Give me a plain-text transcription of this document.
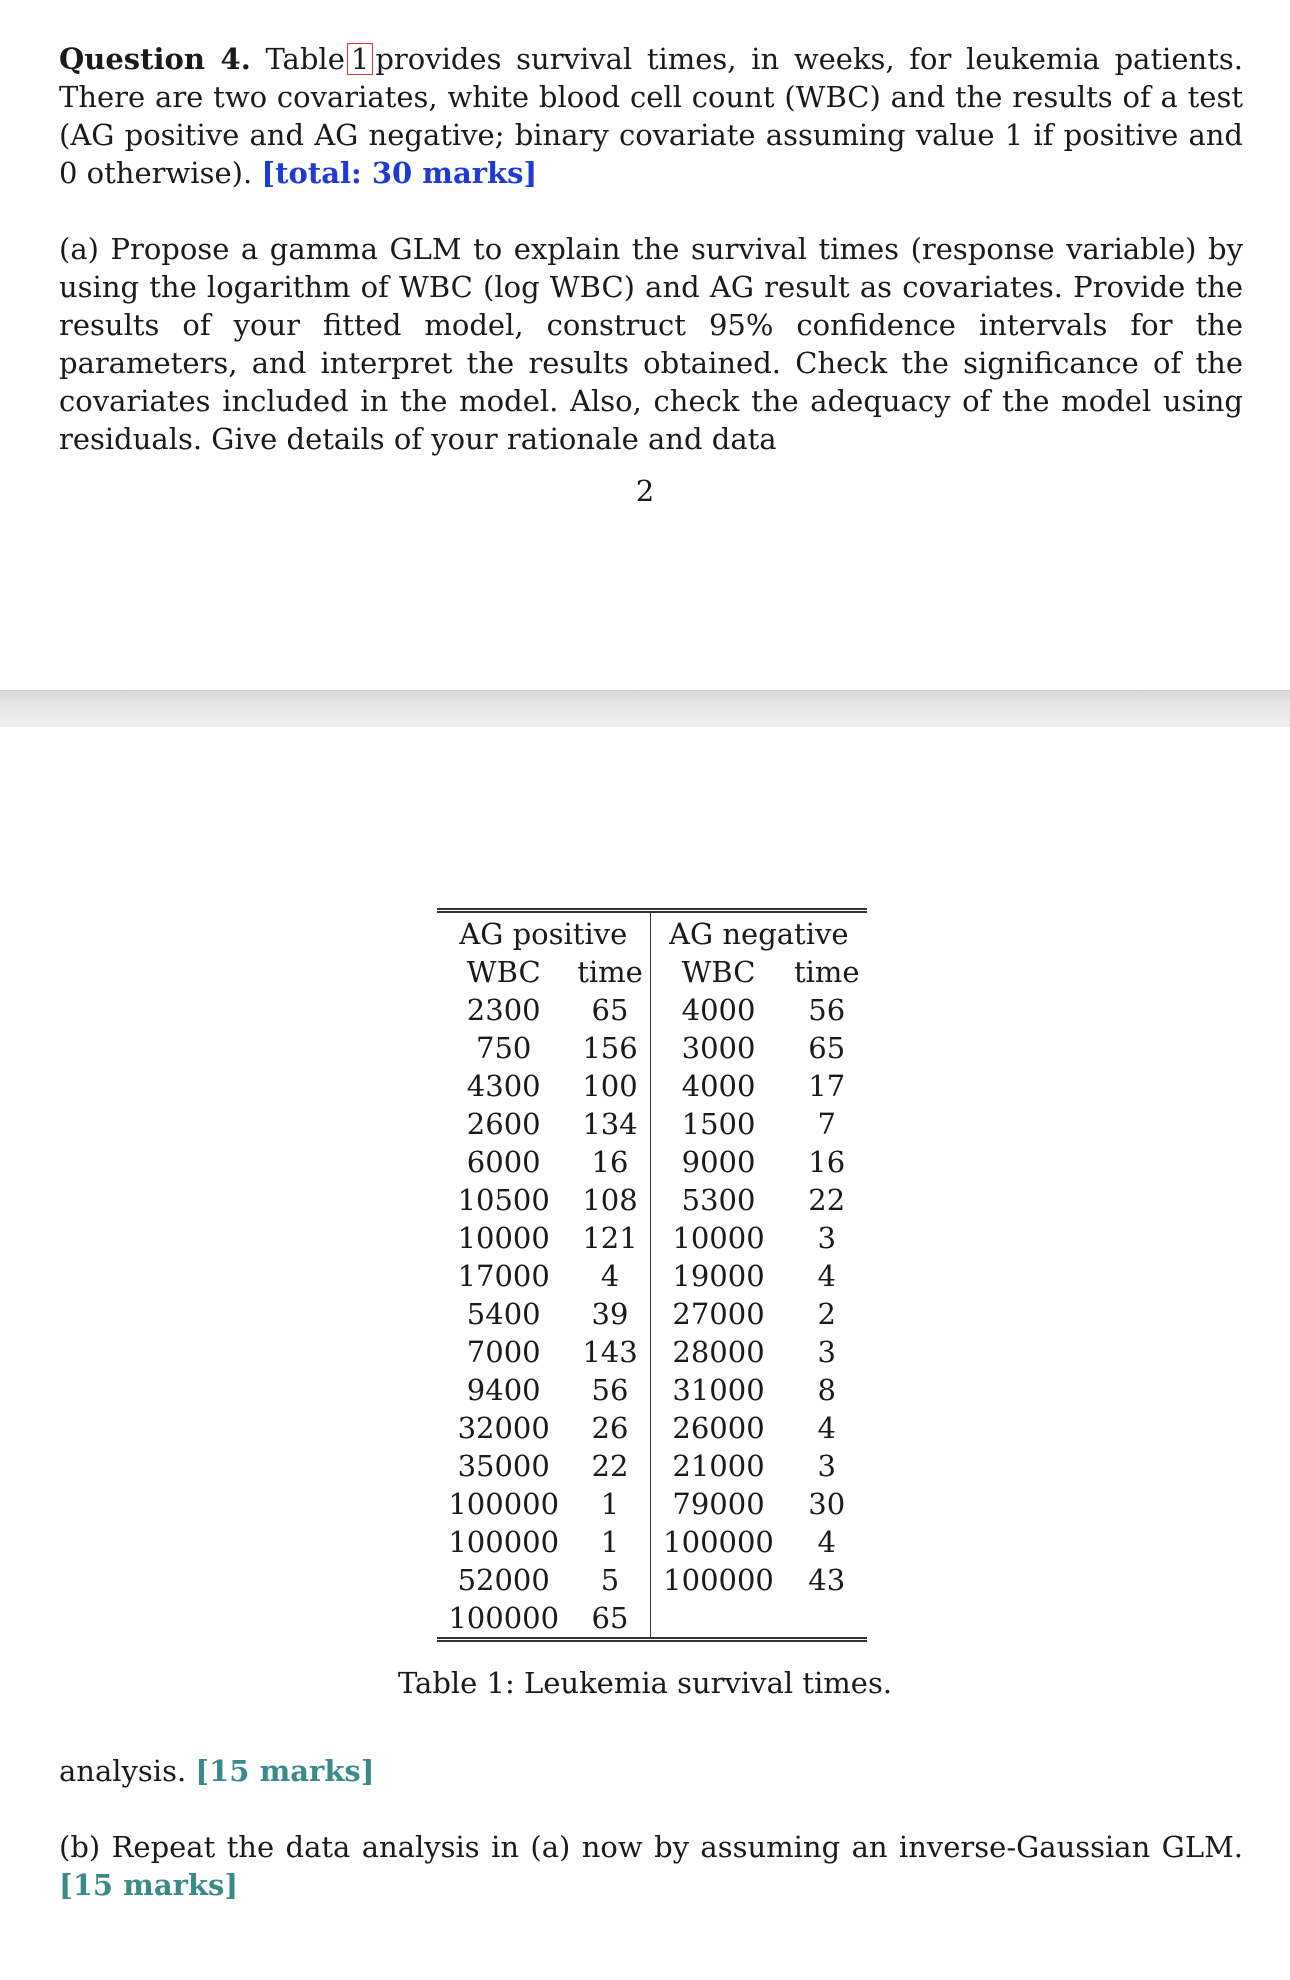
Question 4. Table 1 provides survival times, in weeks, for leukemia patients. There are two covariates, white blood cell count (WBC) and the results of a test (AG positive and AG negative; binary covariate assuming value 1 if positive and 0 otherwise). [total: 30 marks]

(a) Propose a gamma GLM to explain the survival times (response variable) by using the logarithm of WBC (log WBC) and AG result as covariates. Provide the results of your fitted model, construct 95% confidence intervals for the parameters, and interpret the results obtained. Check the significance of the covariates included in the model. Also, check the adequacy of the model using residuals. Give details of your rationale and data

2
AG positive		AG negative	
WBC	time	WBC	time
2300	65	4000	56
750	156	3000	65
4300	100	4000	17
2600	134	1500	7
6000	16	9000	16
10500	108	5300	22
10000	121	10000	3
17000	4	19000	4
5400	39	27000	2
7000	143	28000	3
9400	56	31000	8
32000	26	26000	4
35000	22	21000	3
100000	1	79000	30
100000	1	100000	4
52000	5	100000	43
100000	65		
Table 1: Leukemia survival times.

analysis. [15 marks]

(b) Repeat the data analysis in (a) now by assuming an inverse-Gaussian GLM. [15 marks]
